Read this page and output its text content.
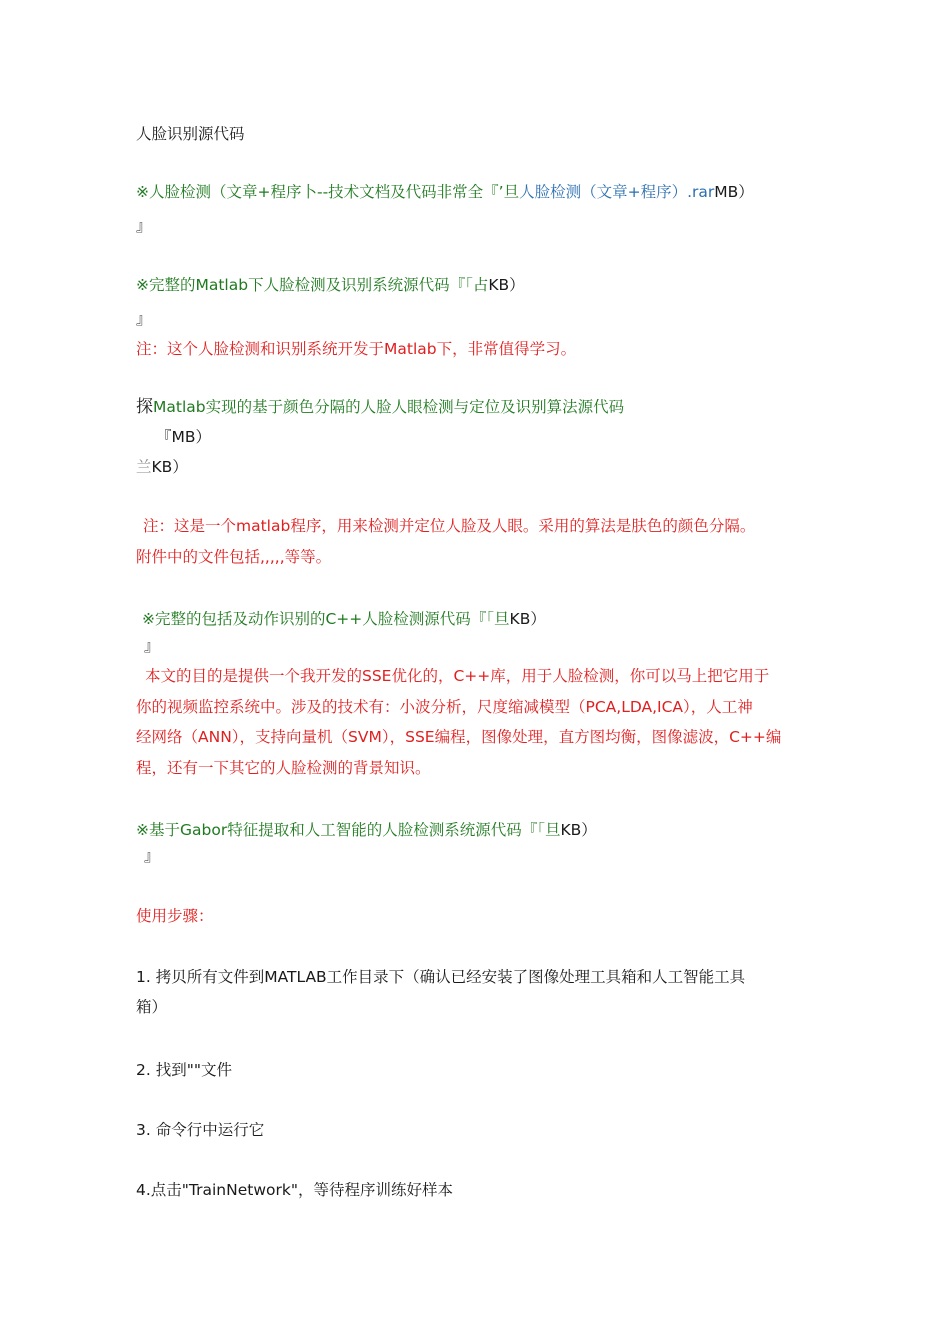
人脸识别源代码
※人脸检测（文章+程序卜--技术文档及代码非常全『’旦人脸检测（文章+程序）.rarMB）
』
※完整的Matlab下人脸检测及识别系统源代码『「占KB）
』
注：这个人脸检测和识别系统开发于Matlab下，非常值得学习。
探Matlab实现的基于颜色分隔的人脸人眼检测与定位及识别算法源代码
『MB）
兰KB）
注：这是一个matlab程序，用来检测并定位人脸及人眼。采用的算法是肤色的颜色分隔。
附件中的文件包括,,,,,等等。
※完整的包括及动作识别的C++人脸检测源代码『「旦KB）
』
本文的目的是提供一个我开发的SSE优化的，C++库，用于人脸检测，你可以马上把它用于
你的视频监控系统中。涉及的技术有：小波分析，尺度缩减模型（PCA,LDA,ICA），人工神
经网络（ANN），支持向量机（SVM），SSE编程，图像处理，直方图均衡，图像滤波，C++编
程，还有一下其它的人脸检测的背景知识。
※基于Gabor特征提取和人工智能的人脸检测系统源代码『「旦KB）
』
使用步骤：
1. 拷贝所有文件到MATLAB工作目录下（确认已经安装了图像处理工具箱和人工智能工具
箱）
2. 找到""文件
3. 命令行中运行它
4.点击"TrainNetwork"，等待程序训练好样本
